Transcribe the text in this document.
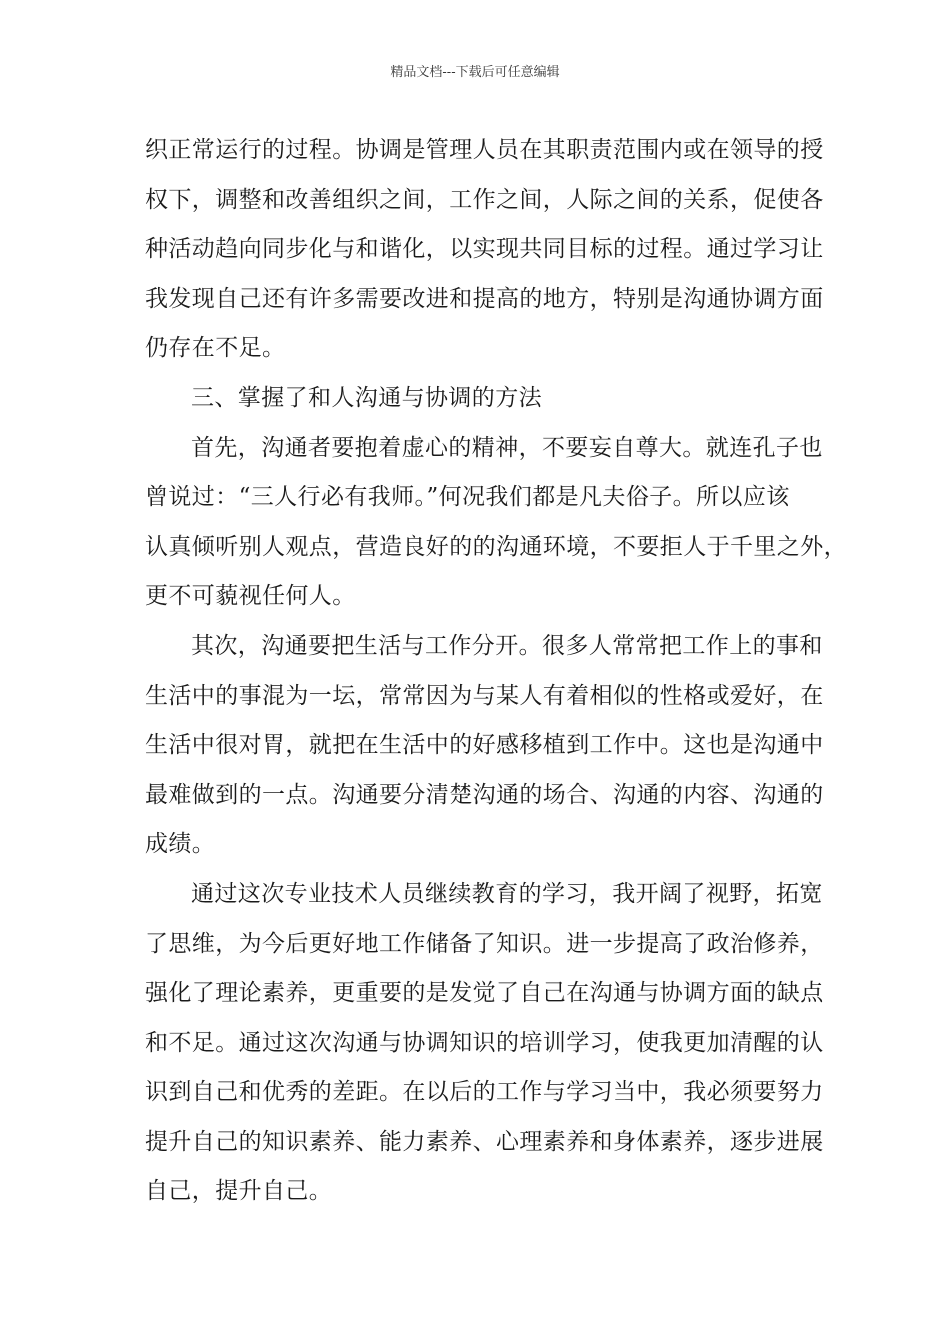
精品文档---下载后可任意编辑
织正常运行的过程。协调是管理人员在其职责范围内或在领导的授
权下，调整和改善组织之间，工作之间，人际之间的关系，促使各
种活动趋向同步化与和谐化，以实现共同目标的过程。通过学习让
我发现自己还有许多需要改进和提高的地方，特别是沟通协调方面
仍存在不足。
三、掌握了和人沟通与协调的方法
首先，沟通者要抱着虚心的精神，不要妄自尊大。就连孔子也
曾说过：“三人行必有我师。”何况我们都是凡夫俗子。所以应该
认真倾听别人观点，营造良好的的沟通环境，不要拒人于千里之外，
更不可藐视任何人。
其次，沟通要把生活与工作分开。很多人常常把工作上的事和
生活中的事混为一坛，常常因为与某人有着相似的性格或爱好，在
生活中很对胃，就把在生活中的好感移植到工作中。这也是沟通中
最难做到的一点。沟通要分清楚沟通的场合、沟通的内容、沟通的
成绩。
通过这次专业技术人员继续教育的学习，我开阔了视野，拓宽
了思维，为今后更好地工作储备了知识。进一步提高了政治修养，
强化了理论素养，更重要的是发觉了自己在沟通与协调方面的缺点
和不足。通过这次沟通与协调知识的培训学习，使我更加清醒的认
识到自己和优秀的差距。在以后的工作与学习当中，我必须要努力
提升自己的知识素养、能力素养、心理素养和身体素养，逐步进展
自己，提升自己。
